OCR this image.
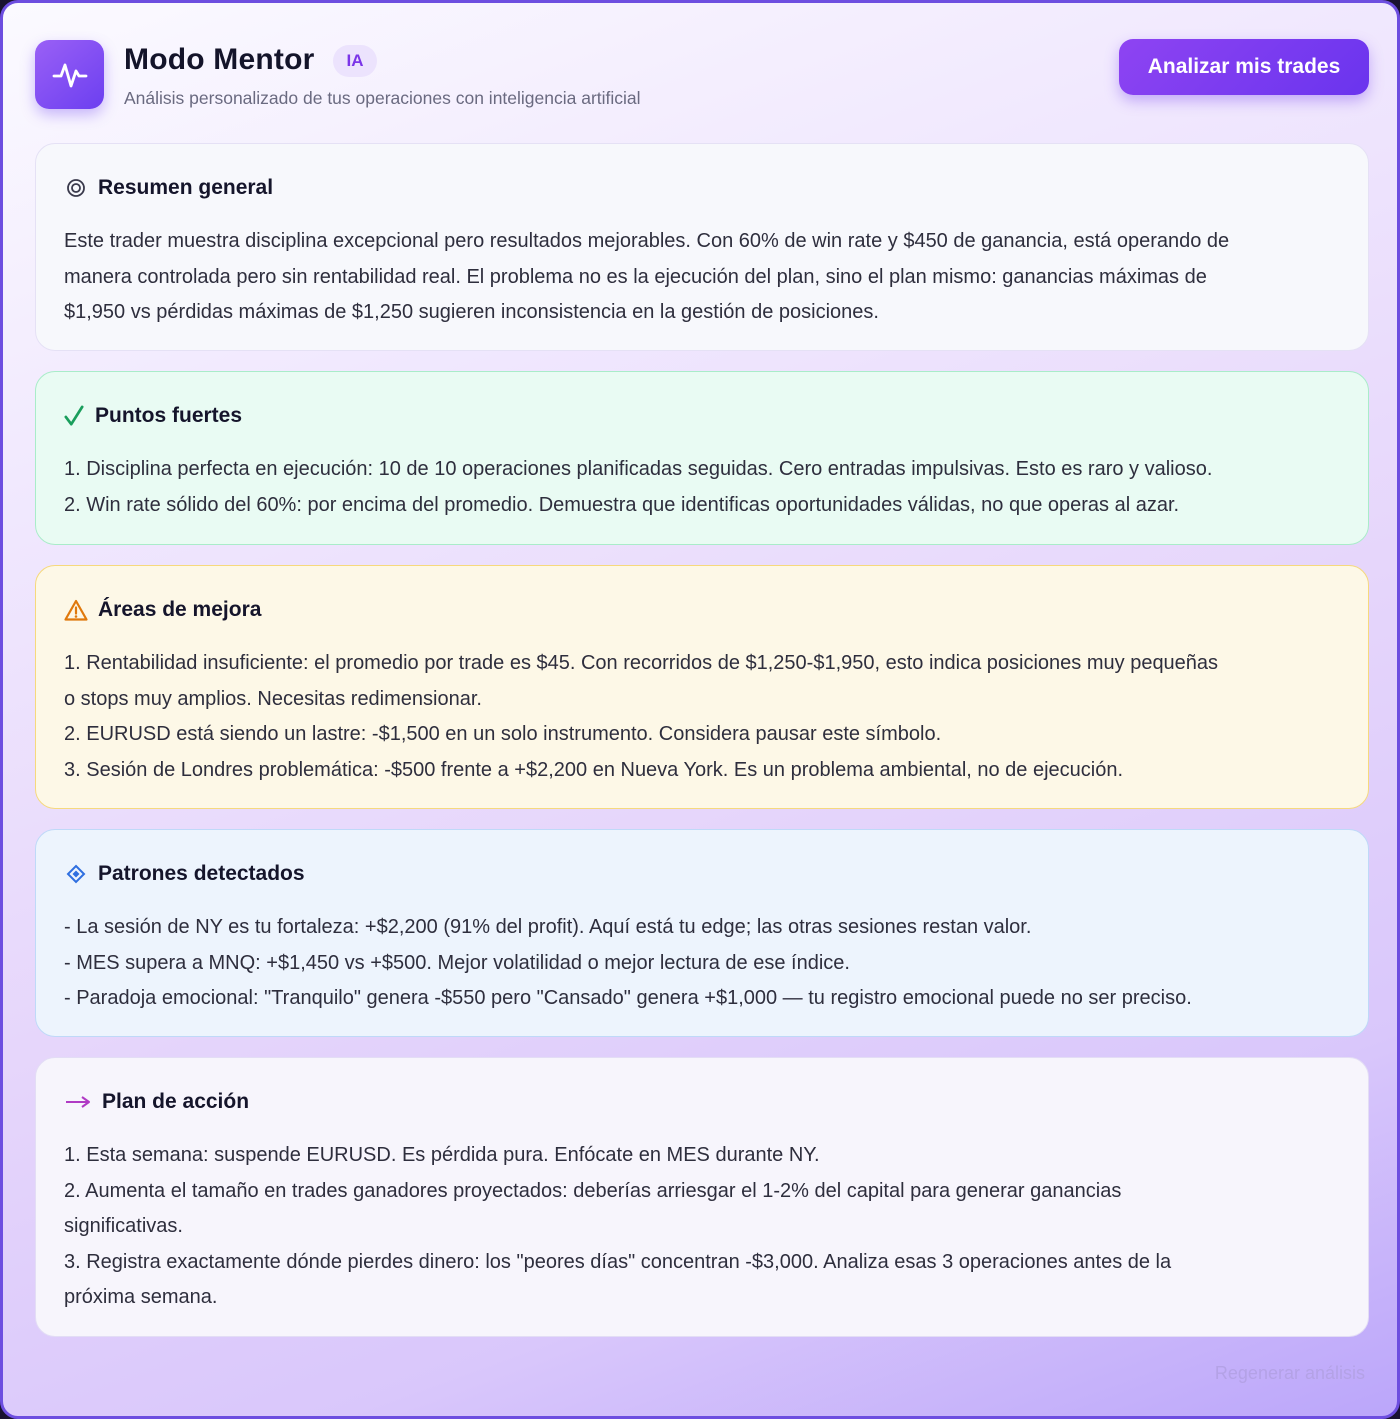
Modo Mentor	IA
Análisis personalizado de tus operaciones con inteligencia artificial
Analizar mis trades
Resumen general

Este trader muestra disciplina excepcional pero resultados mejorables. Con 60% de win rate y $450 de ganancia, está operando de

manera controlada pero sin rentabilidad real. El problema no es la ejecución del plan, sino el plan mismo: ganancias máximas de

$1,950 vs pérdidas máximas de $1,250 sugieren inconsistencia en la gestión de posiciones.

Puntos fuertes

1. Disciplina perfecta en ejecución: 10 de 10 operaciones planificadas seguidas. Cero entradas impulsivas. Esto es raro y valioso.

2. Win rate sólido del 60%: por encima del promedio. Demuestra que identificas oportunidades válidas, no que operas al azar.

Áreas de mejora

1. Rentabilidad insuficiente: el promedio por trade es $45. Con recorridos de $1,250-$1,950, esto indica posiciones muy pequeñas

o stops muy amplios. Necesitas redimensionar.

2. EURUSD está siendo un lastre: -$1,500 en un solo instrumento. Considera pausar este símbolo.

3. Sesión de Londres problemática: -$500 frente a +$2,200 en Nueva York. Es un problema ambiental, no de ejecución.

Patrones detectados

- La sesión de NY es tu fortaleza: +$2,200 (91% del profit). Aquí está tu edge; las otras sesiones restan valor.

- MES supera a MNQ: +$1,450 vs +$500. Mejor volatilidad o mejor lectura de ese índice.

- Paradoja emocional: "Tranquilo" genera -$550 pero "Cansado" genera +$1,000 — tu registro emocional puede no ser preciso.

Plan de acción

1. Esta semana: suspende EURUSD. Es pérdida pura. Enfócate en MES durante NY.

2. Aumenta el tamaño en trades ganadores proyectados: deberías arriesgar el 1-2% del capital para generar ganancias

significativas.

3. Registra exactamente dónde pierdes dinero: los "peores días" concentran -$3,000. Analiza esas 3 operaciones antes de la

próxima semana.

Regenerar análisis
